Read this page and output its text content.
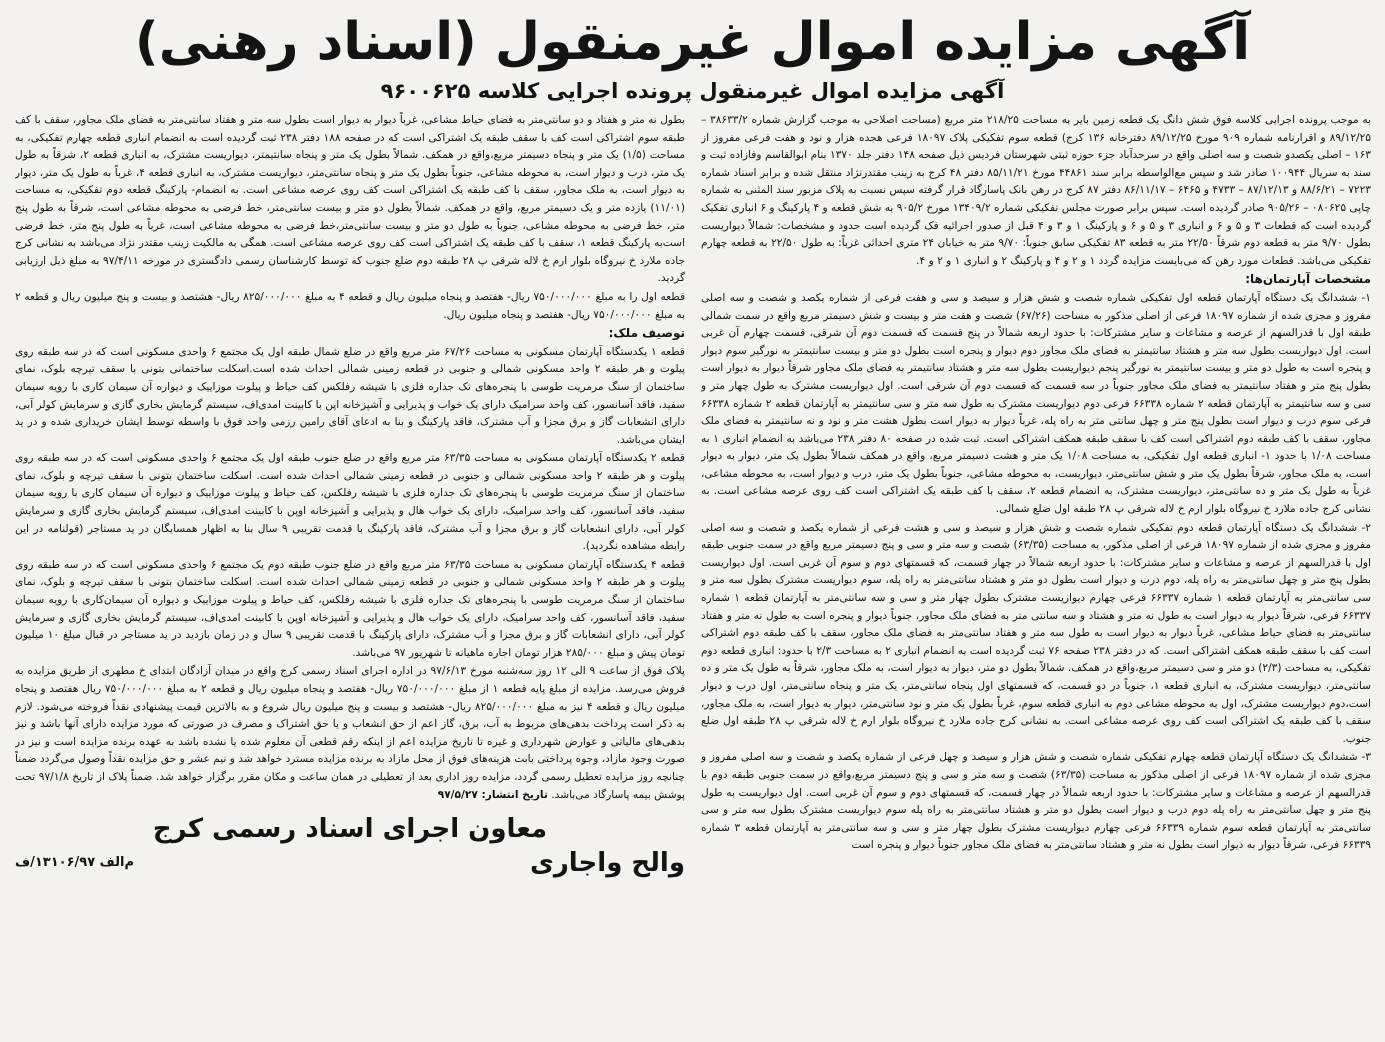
آگهی مزایده اموال غیرمنقول (اسناد رهنی)
آگهی مزایده اموال غیرمنقول پرونده اجرایی کلاسه ۹۶۰۰۶۲۵

به موجب پرونده اجرایی کلاسه فوق شش دانگ یک قطعه زمین بایر به مساحت ۲۱۸/۲۵ متر مربع (مساحت اصلاحی به موجب گزارش شماره ۳۸۶۳۳/۲ – ۸۹/۱۲/۲۵ و اقرارنامه شماره ۹۰۹ مورخ ۸۹/۱۲/۲۵ دفترخانه ۱۳۶ کرج) قطعه سوم تفکیکی پلاک ۱۸۰۹۷ فرعی هجده هزار و نود و هفت فرعی مفروز از ۱۶۳ – اصلی یکصدو شصت و سه اصلی واقع در سرحدآباد جزء حوزه ثبتی شهرستان فردیس ذیل صفحه ۱۴۸ دفتر جلد ۱۳۷۰ بنام ابوالقاسم وفازاده ثبت و سند به سریال ۱۰۰۹۴۴ صادر شد و سپس مع‌الواسطه برابر سند ۴۴۸۶۱ مورخ ۸۵/۱۱/۲۱ دفتر ۴۸ کرج به زینب مقتدرنژاد منتقل شده و برابر اسناد شماره ۷۲۲۳ – ۸۸/۶/۲۱ و ۸۷/۱۲/۱۳ – ۴۷۳۳ و ۶۴۶۵ – ۸۶/۱۱/۱۷ دفتر ۸۷ کرج در رهن بانک پاسارگاد قرار گرفته سپس نسبت به پلاک مزبور سند المثنی به شماره چاپی ۰۸۰۶۲۵ – ۹۰۵/۲۶ صادر گردیده است. سپس برابر صورت مجلس تفکیکی شماره ۱۳۴۰۹/۲ مورخ ۹۰۵/۲ به شش قطعه و ۴ پارکینگ و ۶ انباری تفکیک گردیده است که قطعات ۳ و ۵ و ۶ و انباری ۳ و ۵ و ۶ و پارکینگ ۱ و ۳ و ۴ قبل از صدور اجرائیه فک گردیده است حدود و مشخصات: شمالاً دیواریست بطول ۹/۷۰ متر به قطعه دوم شرقاً ۲۲/۵۰ متر به قطعه ۸۳ تفکیکی سابق جنوباً: ۹/۷۰ متر به خیابان ۲۴ متری احداثی غرباً: به طول ۲۲/۵۰ به قطعه چهارم تفکیکی می‌باشد. قطعات مورد رهن که می‌بایست مزایده گردد ۱ و ۲ و ۴ و پارکینگ ۲ و انباری ۱ و ۲ و ۴.

مشخصات آپارتمان‌ها:

۱- ششدانگ یک دستگاه آپارتمان قطعه اول تفکیکی شماره شصت و شش هزار و سیصد و سی و هفت فرعی از شماره یکصد و شصت و سه اصلی مفروز و مجزی شده از شماره ۱۸۰۹۷ فرعی از اصلی مذکور به مساحت (۶۷/۲۶) شصت و هفت متر و بیست و شش دسیمتر مربع واقع در سمت شمالی طبقه اول با قدرالسهم از عرصه و مشاعات و سایر مشترکات: با حدود اربعه شمالاً در پنج قسمت که قسمت دوم آن شرقی، قسمت چهارم آن غربی است. اول دیواریست بطول سه متر و هشتاد سانتیمتر به فضای ملک مجاور دوم دیوار و پنجره است بطول دو متر و بیست سانتیمتر به نورگیر سوم دیوار و پنجره است به طول دو متر و بیست سانتیمتر به نورگیر پنجم دیواریست بطول سه متر و هشتاد سانتیمتر به فضای ملک مجاور شرقاً دیوار به دیوار است بطول پنج متر و هفتاد سانتیمتر به فضای ملک مجاور جنوباً در سه قسمت که قسمت دوم آن شرقی است. اول دیواریست مشترک به طول چهار متر و سی و سه سانتیمتر به آپارتمان قطعه ۲ شماره ۶۶۳۳۸ فرعی دوم دیواریست مشترک به طول سه متر و سی سانتیمتر به آپارتمان قطعه ۲ شماره ۶۶۳۳۸ فرعی سوم درب و دیوار است بطول پنج متر و چهل سانتی متر به راه پله، غرباً دیوار به دیوار است بطول هشت متر و نود و نه سانتیمتر به فضای ملک مجاور، سقف با کف طبقه دوم اشتراکی است کف با سقف طبقه همکف اشتراکی است. ثبت شده در صفحه ۸۰ دفتر ۲۳۸ می‌باشد به انضمام انباری ۱ به مساحت ۱/۰۸ با حدود ۱- انباری قطعه اول تفکیکی، به مساحت ۱/۰۸ یک متر و هشت دسیمتر مربع، واقع در همکف شمالاً بطول یک متر، دیوار به دیوار است، به ملک مجاور، شرقاً بطول یک متر و شش سانتی‌متر، دیواریست، به محوطه مشاعی، جنوباً بطول یک متر، درب و دیوار است، به محوطه مشاعی، غرباً به طول یک متر و ده سانتی‌متر، دیواریست مشترک، به انضمام قطعه ۲، سقف با کف طبقه یک اشتراکی است کف روی عرصه مشاعی است. به نشانی کرج جاده ملارد خ نیروگاه بلوار ارم خ لاله شرقی پ ۲۸ طبقه اول ضلع شمالی.

۲- ششدانگ یک دستگاه آپارتمان قطعه دوم تفکیکی شماره شصت و شش هزار و سیصد و سی و هشت فرعی از شماره یکصد و شصت و سه اصلی مفروز و مجزی شده از شماره ۱۸۰۹۷ فرعی از اصلی مذکور، به مساحت (۶۳/۳۵) شصت و سه متر و سی و پنج دسیمتر مربع واقع در سمت جنوبی طبقه اول با قدرالسهم از عرصه و مشاعات و سایر مشترکات: با حدود اربعه شمالاً در چهار قسمت، که قسمتهای دوم و سوم آن غربی است. اول دیواریست بطول پنج متر و چهل سانتی‌متر به راه پله، دوم درب و دیوار است بطول دو متر و هشتاد سانتی‌متر به راه پله، سوم دیواریست مشترک بطول سه متر و سی سانتی‌متر به آپارتمان قطعه ۱ شماره ۶۶۳۳۷ فرعی چهارم دیواریست مشترک بطول چهار متر و سی و سه سانتی‌متر به آپارتمان قطعه ۱ شماره ۶۶۳۳۷ فرعی، شرقاً دیوار به دیوار است به طول نه متر و هشتاد و سه سانتی متر به فضای ملک مجاور، جنوباً دیوار و پنجره است به طول نه متر و هفتاد سانتی‌متر به فضای حیاط مشاعی، غرباً دیوار به دیوار است به طول سه متر و هفتاد سانتی‌متر به فضای ملک مجاور، سقف با کف طبقه دوم اشتراکی است کف با سقف طبقه همکف اشتراکی است. که در دفتر ۲۳۸ صفحه ۷۶ ثبت گردیده است به انضمام انباری ۲ به مساحت ۲/۳ با حدود: انباری قطعه دوم تفکیکی، به مساحت (۲/۳) دو متر و سی دسیمتر مربع،واقع در همکف. شمالاً بطول دو متر، دیوار به دیوار است، به ملک مجاور، شرقاً به طول یک متر و ده سانتی‌متر، دیواریست مشترک، به انباری قطعه ۱، جنوباً در دو قسمت، که قسمتهای اول پنجاه سانتی‌متر، یک متر و پنجاه سانتی‌متر، اول درب و دیوار است،دوم دیواریست مشترک، اول به محوطه مشاعی دوم به انباری قطعه سوم، غرباً بطول یک متر و نود سانتی‌متر، دیوار به دیوار است، به ملک مجاور، سقف با کف طبقه یک اشتراکی است کف روی عرصه مشاعی است. به نشانی کرج جاده ملارد خ نیروگاه بلوار ارم خ لاله شرقی پ ۲۸ طبقه اول ضلع جنوب.

۳- ششدانگ یک دستگاه آپارتمان قطعه چهارم تفکیکی شماره شصت و شش هزار و سیصد و چهل فرعی از شماره یکصد و شصت و سه اصلی مفروز و مجزی شده از شماره ۱۸۰۹۷ فرعی از اصلی مذکور به مساحت (۶۳/۳۵) شصت و سه متر و سی و پنج دسیمتر مربع،واقع در سمت جنوبی طبقه دوم با قدرالسهم از عرصه و مشاعات و سایر مشترکات: با حدود اربعه شمالاً در چهار قسمت، که قسمتهای دوم و سوم آن غربی است. اول دیواریست به طول پنج متر و چهل سانتی‌متر به راه پله دوم درب و دیوار است بطول دو متر و هشتاد سانتی‌متر به راه پله سوم دیواریست مشترک بطول سه متر و سی سانتی‌متر به آپارتمان قطعه سوم شماره ۶۶۳۳۹ فرعی چهارم دیواریست مشترک بطول چهار متر و سی و سه سانتی‌متر به آپارتمان قطعه ۳ شماره ۶۶۳۳۹ فرعی، شرقاً دیوار به دیوار است بطول نه متر و هشتاد سانتی‌متر به فضای ملک مجاور جنوباً دیوار و پنجره است

بطول نه متر و هفتاد و دو سانتی‌متر به فضای حیاط مشاعی، غرباً دیوار به دیوار است بطول سه متر و هفتاد سانتی‌متر به فضای ملک مجاور، سقف با کف طبقه سوم اشتراکی است کف با سقف طبقه یک اشتراکی است که در صفحه ۱۸۸ دفتر ۲۳۸ ثبت گردیده است به انضمام انباری قطعه چهارم تفکیکی، به مساحت (۱/۵) یک متر و پنجاه دسیمتر مربع،واقع در همکف. شمالاً بطول یک متر و پنجاه سانتیمتر، دیواریست مشترک، به انباری قطعه ۲، شرقاً به طول یک متر، درب و دیوار است، به محوطه مشاعی، جنوباً بطول یک متر و پنجاه سانتی‌متر، دیواریست مشترک، به انباری قطعه ۴، غرباً به طول یک متر، دیوار به دیوار است، به ملک مجاور، سقف با کف طبقه یک اشتراکی است کف روی عرصه مشاعی است. به انضمام- پارکینگ قطعه دوم تفکیکی، به مساحت (۱۱/۰۱) یازده متر و یک دسیمتر مربع، واقع در همکف. شمالاً بطول دو متر و بیست سانتی‌متر، خط فرضی به محوطه مشاعی است، شرقاً به طول پنج متر، خط فرضی به محوطه مشاعی، جنوباً به طول دو متر و بیست سانتی‌متر،خط فرضی به محوطه مشاعی است، غرباً به طول پنج متر، خط فرضی است‌به پارکینگ قطعه ۱، سقف با کف طبقه یک اشتراکی است کف روی عرصه مشاعی است. همگی به مالکیت زینب مقتدر نژاد می‌باشد به نشانی کرج جاده ملارد خ نیروگاه بلوار ارم خ لاله شرقی پ ۲۸ طبقه دوم ضلع جنوب که توسط کارشناسان رسمی دادگستری در مورخه ۹۷/۴/۱۱ به مبلغ ذیل ارزیابی گردید.

قطعه اول را به مبلغ ۷۵۰/۰۰۰/۰۰۰ ریال- هفتصد و پنجاه میلیون ریال و قطعه ۴ به مبلغ ۸۲۵/۰۰۰/۰۰۰ ریال- هشتصد و بیست و پنج میلیون ریال و قطعه ۲ به مبلغ ۷۵۰/۰۰۰/۰۰۰ ریال- هفتصد و پنجاه میلیون ریال.

توصیف ملک:

قطعه ۱ یکدستگاه آپارتمان مسکونی به مساحت ۶۷/۲۶ متر مربع واقع در ضلع شمال طبقه اول یک مجتمع ۶ واحدی مسکونی است که در سه طبقه روی پیلوت و هر طبقه ۲ واحد مسکونی شمالی و جنوبی در قطعه زمینی شمالی احداث شده است.اسکلت ساختمانی بتونی با سقف تیرچه بلوک، نمای ساختمان از سنگ مرمریت طوسی با پنجره‌های تک جداره فلزی با شیشه رفلکس کف حیاط و پیلوت موزاییک و دیواره آن سیمان کاری با رویه سیمان سفید، فاقد آسانسور، کف واحد سرامیک دارای یک خواب و پذیرایی و آشپزخانه اپن با کابینت امدی‌اف، سیستم گرمایش بخاری گازی و سرمایش کولر آبی، دارای انشعابات گاز و برق مجزا و آب مشترک، فاقد پارکینگ و بنا به ادعای آقای رامین رزمی واحد فوق با واسطه توسط ایشان خریداری شده و در ید ایشان می‌باشد.

قطعه ۲ یکدستگاه آپارتمان مسکونی به مساحت ۶۳/۳۵ متر مربع واقع در ضلع جنوب طبقه اول یک مجتمع ۶ واحدی مسکونی است که در سه طبقه روی پیلوت و هر طبقه ۲ واحد مسکونی شمالی و جنوبی در قطعه زمینی شمالی احداث شده است. اسکلت ساختمان بتونی با سقف تیرچه و بلوک، نمای ساختمان از سنگ مرمریت طوسی با پنجره‌های تک جداره فلزی با شیشه رفلکس، کف حیاط و پیلوت موزاییک و دیواره آن سیمان کاری با رویه سیمان سفید، فاقد آسانسور، کف واحد سرامیک، دارای یک خواب هال و پذیرایی و آشپزخانه اوپن با کابینت امدی‌اف، سیستم گرمایش بخاری گازی و سرمایش کولر آبی، دارای انشعابات گاز و برق مجزا و آب مشترک، فاقد پارکینگ با قدمت تقریبی ۹ سال بنا به اظهار همسایگان در ید مستاجر (قولنامه در این رابطه مشاهده نگردید).

قطعه ۴ یکدستگاه آپارتمان مسکونی به مساحت ۶۳/۳۵ متر مربع واقع در ضلع جنوب طبقه دوم یک مجتمع ۶ واحدی مسکونی است که در سه طبقه روی پیلوت و هر طبقه ۲ واحد مسکونی شمالی و جنوبی در قطعه زمینی شمالی احداث شده است. اسکلت ساختمان بتونی با سقف تیرچه و بلوک، نمای ساختمان از سنگ مرمریت طوسی با پنجره‌های تک جداره فلزی با شیشه رفلکس، کف حیاط و پیلوت موزاییک و دیواره آن سیمان‌کاری با رویه سیمان سفید، فاقد آسانسور، کف واحد سرامیک، دارای یک خواب هال و پذیرایی و آشپزخانه اوپن با کابینت امدی‌اف، سیستم گرمایش بخاری گازی و سرمایش کولر آبی، دارای انشعابات گاز و برق مجزا و آب مشترک، دارای پارکینگ با قدمت تقریبی ۹ سال و در زمان بازدید در ید مستاجر در قبال مبلغ ۱۰ میلیون تومان پیش و مبلغ ۲۸۵/۰۰۰ هزار تومان اجاره ماهیانه تا شهریور ۹۷ می‌باشد.

پلاک فوق از ساعت ۹ الی ۱۲ روز سه‌شنبه مورخ ۹۷/۶/۱۳ در اداره اجرای اسناد رسمی کرج واقع در میدان آزادگان ابتدای خ مطهری از طریق مزایده به فروش می‌رسد. مزایده از مبلغ پایه قطعه ۱ از مبلغ ۷۵۰/۰۰۰/۰۰۰ ریال- هفتصد و پنجاه میلیون ریال و قطعه ۲ به مبلغ ۷۵۰/۰۰۰/۰۰۰ ریال هفتصد و پنجاه میلیون ریال و قطعه ۴ نیز به مبلغ ۸۲۵/۰۰۰/۰۰۰ ریال- هشتصد و بیست و پنج میلیون ریال شروع و به بالاترین قیمت پیشنهادی نقداً فروخته می‌شود. لازم به ذکر است پرداخت بدهی‌های مربوط به آب، برق، گاز اعم از حق انشعاب و یا حق اشتراک و مصرف در صورتی که مورد مزایده دارای آنها باشد و نیز بدهی‌های مالیاتی و عوارض شهرداری و غیره تا تاریخ مزایده اعم از اینکه رقم قطعی آن معلوم شده یا نشده باشد به عهده برنده مزایده است و نیز در صورت وجود مازاد، وجوه پرداختی بابت هزینه‌های فوق از محل مازاد به برنده مزایده مسترد خواهد شد و نیم عشر و حق مزایده نقداً وصول می‌گردد ضمناً چنانچه روز مزایده تعطیل رسمی گردد، مزایده روز اداری بعد از تعطیلی در همان ساعت و مکان مقرر برگزار خواهد شد. ضمناً پلاک از تاریخ ۹۷/۱/۸ تحت پوشش بیمه پاسارگاد می‌باشد. تاریخ انتشار: ۹۷/۵/۲۷

معاون اجرای اسناد رسمی کرج
والح واجاری
م‌الف ۱۳۱۰۶/۹۷/ف
